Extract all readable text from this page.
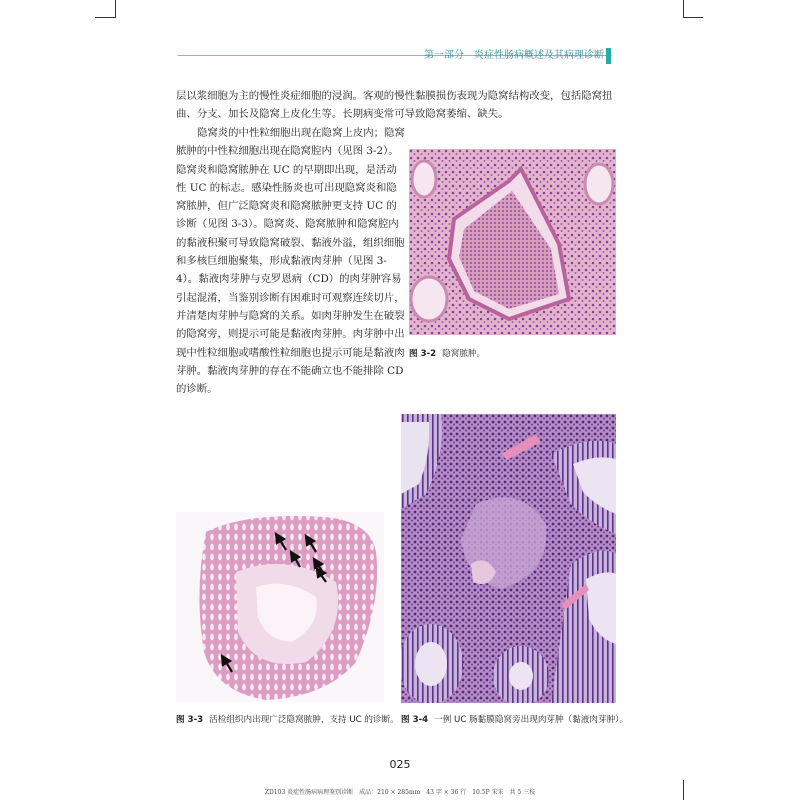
第一部分　炎症性肠病概述及其病理诊断

层以浆细胞为主的慢性炎症细胞的浸润。客观的慢性黏膜损伤表现为隐窝结构改变，包括隐窝扭曲、分支、加长及隐窝上皮化生等。长期病变常可导致隐窝萎缩、缺失。

隐窝炎的中性粒细胞出现在隐窝上皮内；隐窝脓肿的中性粒细胞出现在隐窝腔内（见图 3-2）。隐窝炎和隐窝脓肿在 UC 的早期即出现，是活动性 UC 的标志。感染性肠炎也可出现隐窝炎和隐窝脓肿，但广泛隐窝炎和隐窝脓肿更支持 UC 的诊断（见图 3-3）。隐窝炎、隐窝脓肿和隐窝腔内的黏液积聚可导致隐窝破裂、黏液外溢，组织细胞和多核巨细胞聚集，形成黏液肉芽肿（见图 3-4）。黏液肉芽肿与克罗恩病（CD）的肉芽肿容易引起混淆，当鉴别诊断有困难时可观察连续切片，并清楚肉芽肿与隐窝的关系。如肉芽肿发生在破裂的隐窝旁，则提示可能是黏液肉芽肿。肉芽肿中出现中性粒细胞或嗜酸性粒细胞也提示可能是黏液肉芽肿。黏液肉芽肿的存在不能确立也不能排除 CD 的诊断。

图 3-2 隐窝脓肿。
图 3-3 活检组织内出现广泛隐窝脓肿，支持 UC 的诊断。 图 3-4 一例 UC 肠黏膜隐窝旁出现肉芽肿（黏液肉芽肿）。
025
ZD103 炎症性肠病病理鉴别诊断　成品：210 × 285mm　43 字 × 36 行　10.5P 宋宋　共 5 三校
